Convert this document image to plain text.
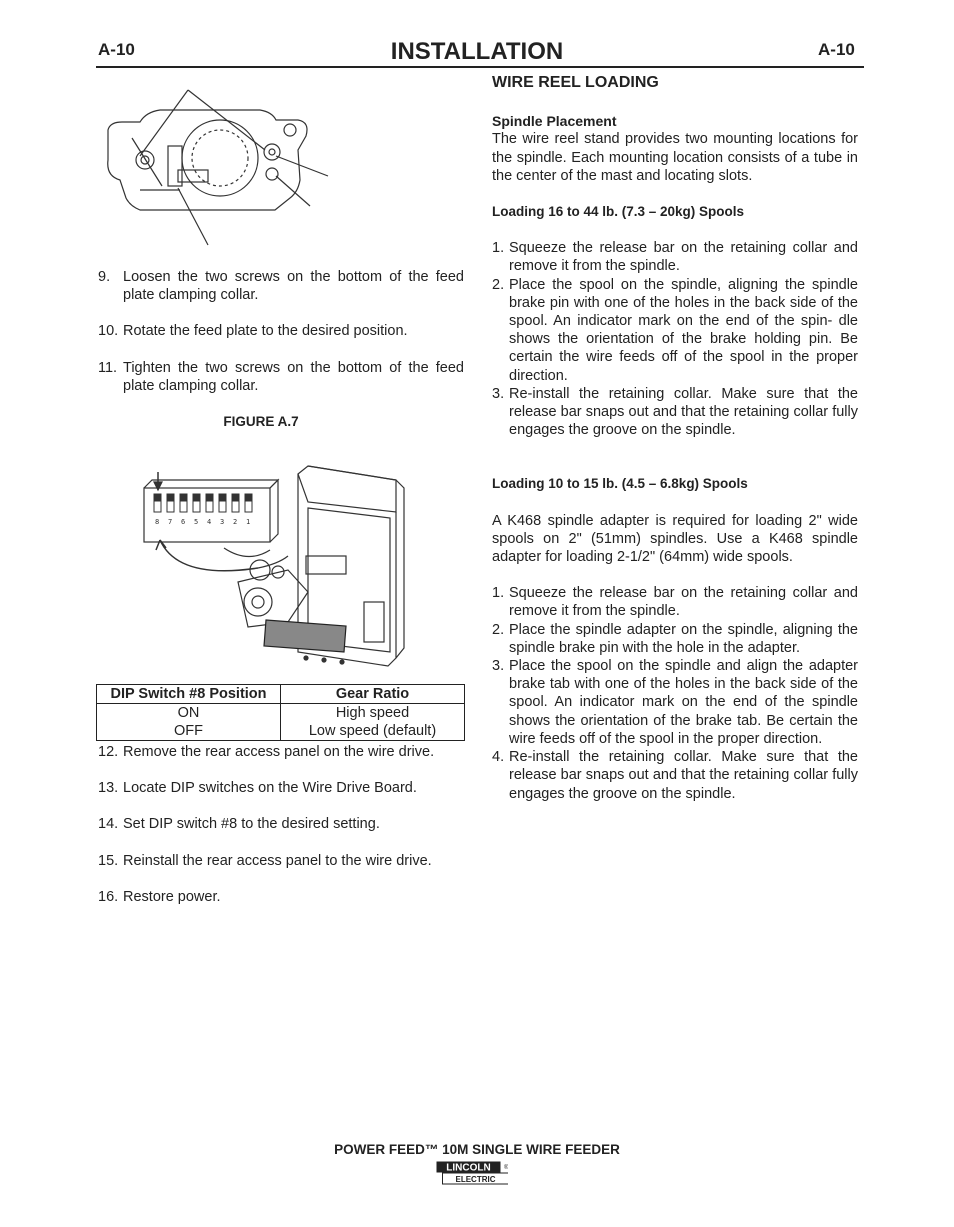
A-10	INSTALLATION	A-10
9. Loosen the two screws on the bottom of the feed plate clamping collar.
10. Rotate the feed plate to the desired position.
11. Tighten the two screws on the bottom of the feed plate clamping collar.
FIGURE A.7
8 7 6 5 4 3 2 1
DIP Switch #8 Position	Gear Ratio
ON	High speed
OFF	Low speed (default)
12. Remove the rear access panel on the wire drive.
13. Locate DIP switches on the Wire Drive Board.
14. Set DIP switch #8 to the desired setting.
15. Reinstall the rear access panel to the wire drive.
16. Restore power.
WIRE REEL LOADING
Spindle Placement
The wire reel stand provides two mounting locations for the spindle. Each mounting location consists of a tube in the center of the mast and locating slots.
Loading 16 to 44 lb. (7.3 – 20kg) Spools
1. Squeeze the release bar on the retaining collar and remove it from the spindle.
2. Place the spool on the spindle, aligning the spindle brake pin with one of the holes in the back side of the spool. An indicator mark on the end of the spin- dle shows the orientation of the brake holding pin. Be certain the wire feeds off of the spool in the proper direction.
3. Re-install the retaining collar. Make sure that the release bar snaps out and that the retaining collar fully engages the groove on the spindle.
Loading 10 to 15 lb. (4.5 – 6.8kg) Spools
A K468 spindle adapter is required for loading 2" wide spools on 2" (51mm) spindles. Use a K468 spindle adapter for loading 2-1/2" (64mm) wide spools.
1. Squeeze the release bar on the retaining collar and remove it from the spindle.
2. Place the spindle adapter on the spindle, aligning the spindle brake pin with the hole in the adapter.
3. Place the spool on the spindle and align the adapter brake tab with one of the holes in the back side of the spool. An indicator mark on the end of the spindle shows the orientation of the brake tab. Be certain the wire feeds off of the spool in the proper direction.
4. Re-install the retaining collar. Make sure that the release bar snaps out and that the retaining collar fully engages the groove on the spindle.
POWER FEED™ 10M SINGLE WIRE FEEDER
LINCOLN
ELECTRIC
®
